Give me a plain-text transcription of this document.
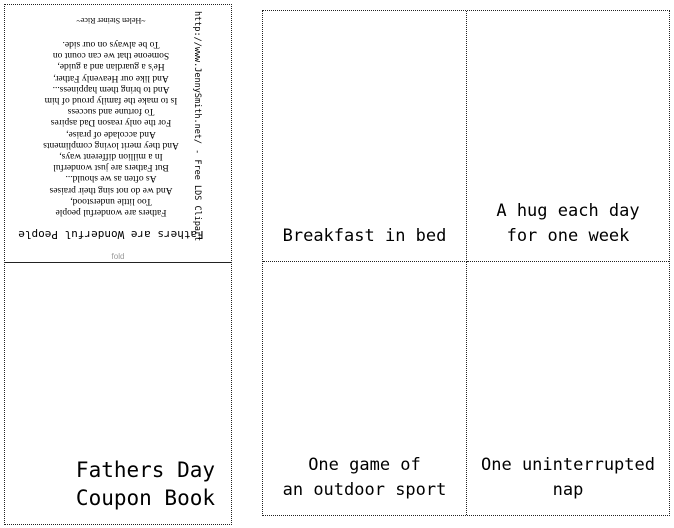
Fathers are Wonderful People
Fathers are wonderful people
Too little understood,
And we do not sing their praises
As often as we should...
But Fathers are just wonderful
In a million different ways,
And they merit loving compliments
And accolade of praise,
For the only reason Dad aspires
To fortune and success
Is to make the family proud of him
And to bring them happiness...
And like our Heavenly Father,
He's a guardian and a guide,
Someone that we can count on
To be always on our side.
~Helen Steiner Rice~	http://www.JennySmith.net/ - Free LDS Clipart
fold
Fathers Day
Coupon Book
Breakfast in bed
A hug each day
for one week
One game of
an outdoor sport
One uninterrupted
nap
